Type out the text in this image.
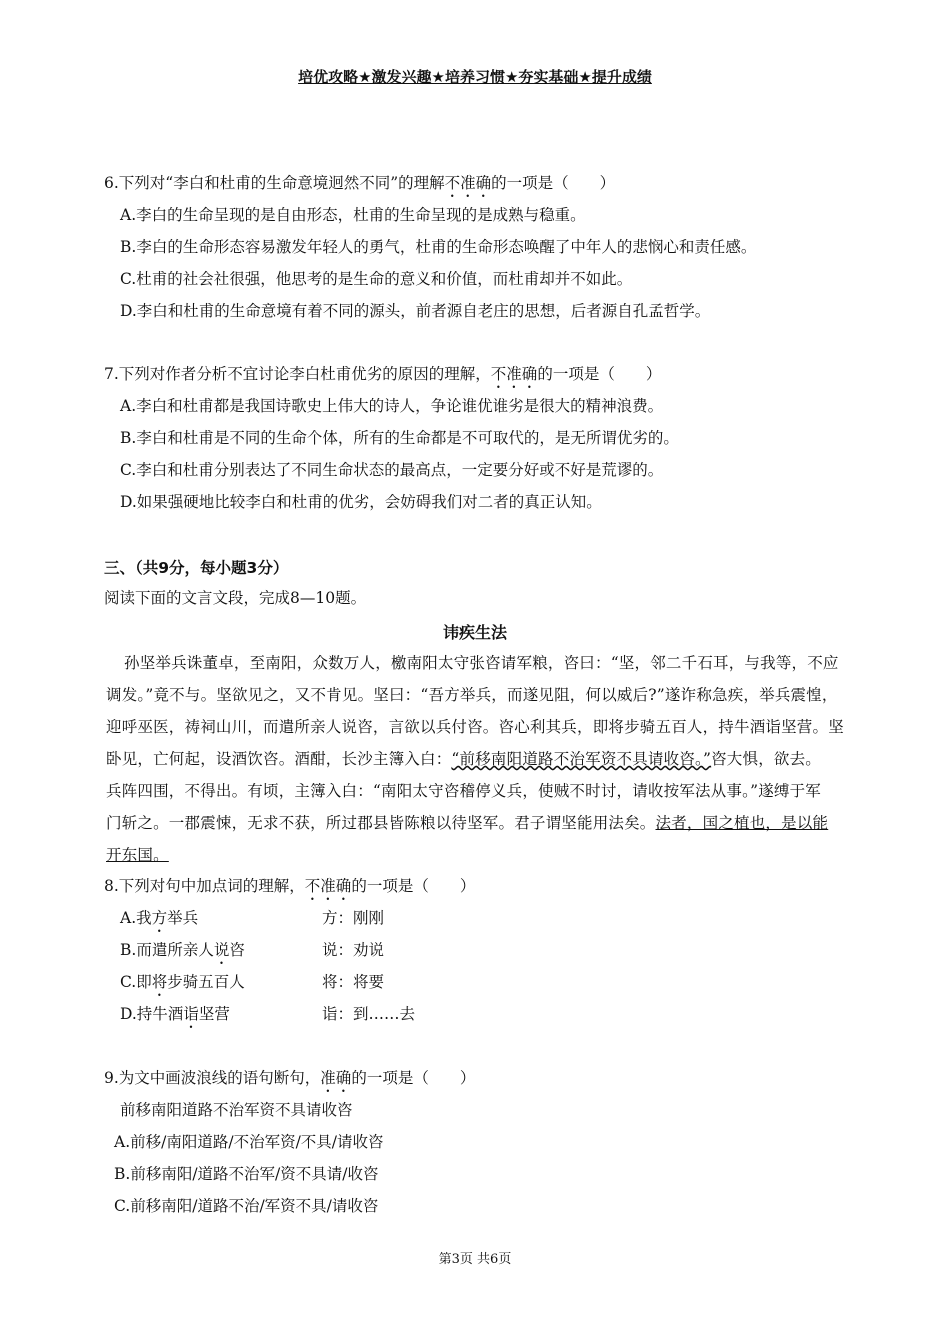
培优攻略★激发兴趣★培养习惯★夯实基础★提升成绩
6.下列对“李白和杜甫的生命意境迥然不同”的理解不准确的一项是（　　）
A.李白的生命呈现的是自由形态，杜甫的生命呈现的是成熟与稳重。
B.李白的生命形态容易激发年轻人的勇气，杜甫的生命形态唤醒了中年人的悲悯心和责任感。
C.杜甫的社会社很强，他思考的是生命的意义和价值，而杜甫却并不如此。
D.李白和杜甫的生命意境有着不同的源头，前者源自老庄的思想，后者源自孔孟哲学。
7.下列对作者分析不宜讨论李白杜甫优劣的原因的理解，不准确的一项是（　　）
A.李白和杜甫都是我国诗歌史上伟大的诗人，争论谁优谁劣是很大的精神浪费。
B.李白和杜甫是不同的生命个体，所有的生命都是不可取代的，是无所谓优劣的。
C.李白和杜甫分别表达了不同生命状态的最高点，一定要分好或不好是荒谬的。
D.如果强硬地比较李白和杜甫的优劣，会妨碍我们对二者的真正认知。
三、（共9分，每小题3分）
阅读下面的文言文段，完成8—10题。
讳疾生法
孙坚举兵诛董卓，至南阳，众数万人，檄南阳太守张咨请军粮，咨曰：“坚，邻二千石耳，与我等，不应
调发。”竟不与。坚欲见之，又不肯见。坚曰：“吾方举兵，而遂见阻，何以威后?”遂诈称急疾，举兵震惶，
迎呼巫医，祷祠山川，而遣所亲人说咨，言欲以兵付咨。咨心利其兵，即将步骑五百人，持牛酒诣坚营。坚
卧见，亡何起，设酒饮咨。酒酣，长沙主簿入白：“前移南阳道路不治军资不具请收咨。”咨大惧，欲去。
兵阵四围，不得出。有顷，主簿入白：“南阳太守咨稽停义兵，使贼不时讨，请收按军法从事。”遂缚于军
门斩之。一郡震悚，无求不获，所过郡县皆陈粮以待坚军。君子谓坚能用法矣。法者，国之植也，是以能
开东国。
8.下列对句中加点词的理解，不准确的一项是（　　）
A.我方举兵	方：刚刚
B.而遣所亲人说咨	说：劝说
C.即将步骑五百人	将：将要
D.持牛酒诣坚营	诣：到……去
9.为文中画波浪线的语句断句，准确的一项是（　　）
前移南阳道路不治军资不具请收咨
A.前移/南阳道路/不治军资/不具/请收咨
B.前移南阳/道路不治军/资不具请/收咨
C.前移南阳/道路不治/军资不具/请收咨
第3页 共6页
